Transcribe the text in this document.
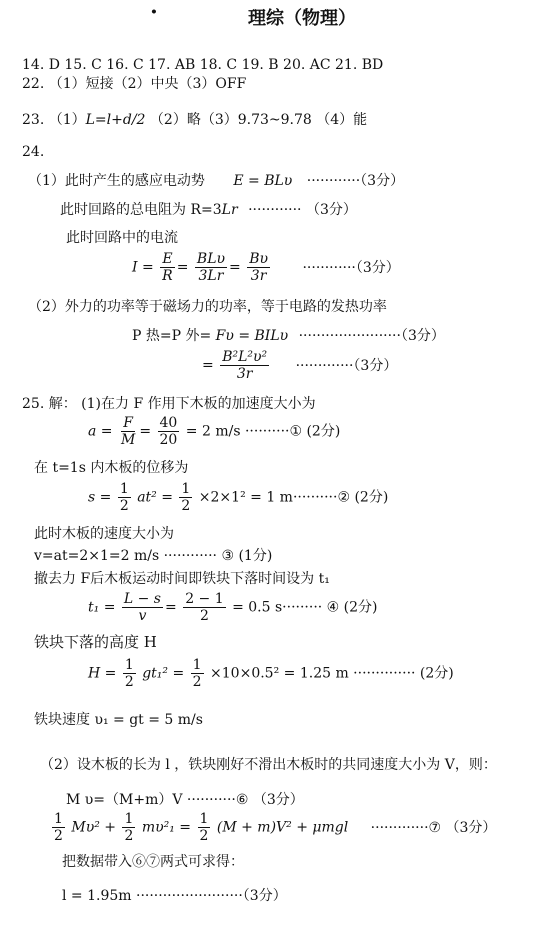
ꔷ	理综（物理）
14. D 15. C 16. C 17. AB 18. C 19. B 20. AC 21. BD
22. （1）短接（2）中央（3）OFF
23. （1）L=l+d/2 （2）略（3）9.73~9.78 （4）能
24.
（1）此时产生的感应电动势 E = BLυ ············（3分）
此时回路的总电阻为 R=3Lr ············ （3分）
此时回路中的电流
$I = \frac{E}{R}$ =
BLυ
3Lr
= $\frac{B\upsilon}{3r} \cdot\cdot\cdot\cdot\cdot\cdot\cdot\cdot\cdot\cdot\cdot\cdot(3$分）
（2）外力的功率等于磁场力的功率，等于电路的发热功率
P 热=P 外= Fυ = BILυ ·······················（3分）
= $\frac{\text{B²L²υ²}}{3r} \cdot\cdot\cdot\cdot\cdot\cdot\cdot\cdot\cdot\cdot\cdot\cdot\cdot(3$分）
25. 解： (1)在力 F 作用下木板的加速度大小为
$a = \frac{F}{M} = \frac{40}{20} = 2$ m/s ··········① (2分)
在 t=1s 内木板的位移为
$s = \frac{1}{2} at^2 = \frac{1}{2} \times 2\times 1^2 = 1$ m··········② (2分)
此时木板的速度大小为
v=at=2×1=2 m/s ············ ③ (1分)
撤去力 F后木板运动时间即铁块下落时间设为 t₁
$t_1 = \frac{L - s}{v} = \frac{2 - 1}{2} = 0.5$ s········· ④ (2分)
铁块下落的高度 H
$H = \frac{1}{2} gt_1^2 = \frac{1}{2} \times 10\times 0.5^2 = 1.25$ m ·············· (2分)
铁块速度 υ₁ = gt = 5 m/s
（2）设木板的长为 l ，铁块刚好不滑出木板时的共同速度大小为 V，则：
M υ=（M+m）V ···········⑥ （3分）
$\frac{1}{2} M\upsilon^2 + \frac{1}{2} m\upsilon^2_1 = \frac{1}{2} (M + m)V^2 + \mu mgl$ ·············⑦ （3分）
把数据带入⑥⑦两式可求得：
l = 1.95m ························（3分）
